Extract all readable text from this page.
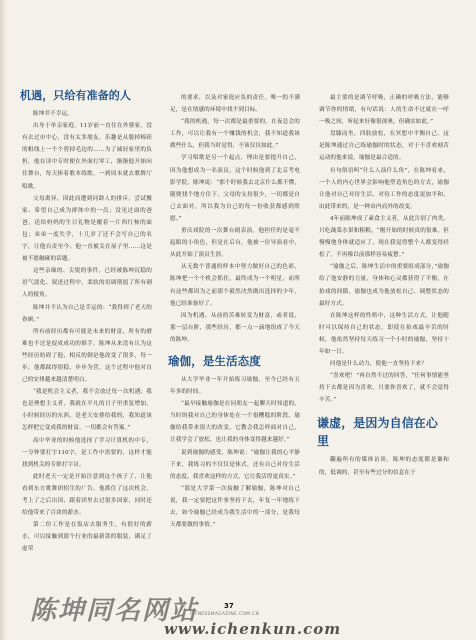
机遇，只给有准备的人

陈坤并不幸运。

出身于单亲家庭，11岁前一直住在外婆家，没有去过市中心，没有太多朋友，乐趣是从脱掉棉袄的粗线上一个个剪掉毛边的……为了减轻家里的负担，他在读中专时便在外面打零工，渐渐他开始向往舞台，每天捧着歌本练歌，一到周末就去歌舞厅唱歌。

父母离异，因此而遭到同龄人的排斥，尝试搬家、希望自己成为群体中的一员；没见过面的爸爸，送给妈妈的生日礼物是覆着一片西红柿的面包；弟弟一度失学，十几岁了还不会写自己的名字，让他自责至今；他一直被关在屋子里……这是被不愿触碰的话题。

这些亲缘的、尖锐的事件，已经被陈坤沉稳的语气淡化、叙述过程中，柔软的语调削弱了所有刺人的棱角。

陈坤并不认为自己是幸运的：“我得到了老天的眷顾。”

所有前经历都有可能是未来的财富，所有的磨难也不过是促成成功的推手。陈坤从来没有认为这些经历妨碍了他，相反的倒是他改变了很多，每一步，他都踩得很稳，步步为营，这个过程中他对自己的安排越来越清楚明白。

“我是机会主义者，我不会放过每一次机遇；我也是理想主义者，我就在平凡的日子里重复增加，小时候经历的东西，是老天安排给我的，我知道该怎样把它变成我的财富，一切都会有答案。”

高中毕业的时候他选择了学习计算机的中专，一分钟要打字110字，是工作中需要的，这样才能找到机关的专职打字员。

此时老天一定是开始注意到这个孩子了，让他看到东方歌舞团招生的广告。他抓住了这次机会，考上了之后出国，跟着团里去过很多国家，同时还给他带来了百块的薪水。

第二份工作是在饭店去服务生，有很好的薪水，可以接触到那个行业的最新款的服装，满足了虚荣

的要求，以及对家庭应负的责任。唯一的不满足，是在情感的环境中找不到目标。

“我的机遇，每一次都是最重要的，在夜总会的工作，可以让我有一个赚钱的机会，我不知道我该做些什么，但我当时觉得，不该仅仅如此。”

学习唱歌是另一个起点，理由是要提升自己，因为他想成为一名演员，这个时候他到了北京考电影学院，陈坤说：“那个时候我去北京什么都不懂，随便找个地方住下，父母的支持很少，一切都是自己去面对，所以我为自己的每一份收获都感到欣慰。”

重庆戏院的一次舞台剧表演，他担任的是毫不起眼的小角色，但是在后台，他被一位导演看中，从此开始了演员生涯。

从无数个普通的样本中努力做好自己的色彩，陈坤把一个个机会抓住，最终成为一个明星，而所有这些都因为之前那个毅然决然做出选择的少年，他已经准备好了。

因为机遇，从前的苦难转变为财富，或者说，那一层台阶，那些经历，都一点一滴地组成了今天的陈坤。

瑜伽，是生活态度

从大学毕业一年开始练习瑜伽，至今已经有五年多的时间。

“最早接触瑜伽是在同朋友一起聊天时知道的，当时的我对自己的身体处在一个很糟糕的阶段，瑜伽给我带来很大的改变，它教会我怎样面对自己，让我学会了放松，也让我的身体变得越来越好。”

说到瑜伽的感受，陈坤说：“瑜伽让我的心平静下来，我练习的不仅仅是体式，还有自己对待生活的态度，我喜欢这样的方式，它让我活得更真实。”

“那是大学第一次接触了解瑜伽，陈坤对自己说，我一定要把这件事坚持下去，年复一年地练下去，如今瑜伽已经成为我生活中的一部分，是我每天都要做的事情。”

最主要的是调节呼吸，正确的呼吸方法，能够调节你的情绪，有句话说：人的生命不过就在一呼一吸之间，听起来好像很深奥，但确实如此。”

盘膝而坐，四肢放松，在冥想中平衡自己。这是陈坤通过自己练瑜伽时的状态，对于不喜欢刻苦运动的他来说，瑜伽是最合适的。

有句俗语叫“什么人演什么角”，在陈坤看来，一个人的内心世界会影响他塑造角色的方式，瑜伽让他对自己对待生活、对待工作的态度更加平和，由此带来的，是一种由内而外的改变。

4年前陈坤成了素食主义者，从此告别了肉类，只吃蔬菜水果和粗粮。“刚开始的时候真的很难，但慢慢地身体就适应了，现在我觉得整个人都变得轻松了，不再像以前那样容易疲惫。”

“瑜伽之后，陈坤生活中的重要组成部分，”瑜伽给了他安静的力量，身体和心灵都获得了平衡，在拍戏的间隙，瑜伽也成为他放松自己、调整状态的最好方式。

在陈坤这样的性格中，这种生活方式，让他随时可以保持自己的状态，即使在拍戏最辛苦的时候，他依然坚持每天练习一个小时的瑜伽，坚持十年如一日。

问他是什么动力，使他一直坚持下来？

“喜欢吧！”再自然不过的回答，“任何事情能坚持下去都是因为喜欢，只要你喜欢了，就不会觉得辛苦。”

谦虚，是因为自信在心里

翻遍所有的媒体访谈，陈坤的态度都是谦和的，低调的，甚至有些过分的信息在于

陈坤同名网站	37
FITNESSMAGAZINE.COM.CN
www.ichenkun.com
